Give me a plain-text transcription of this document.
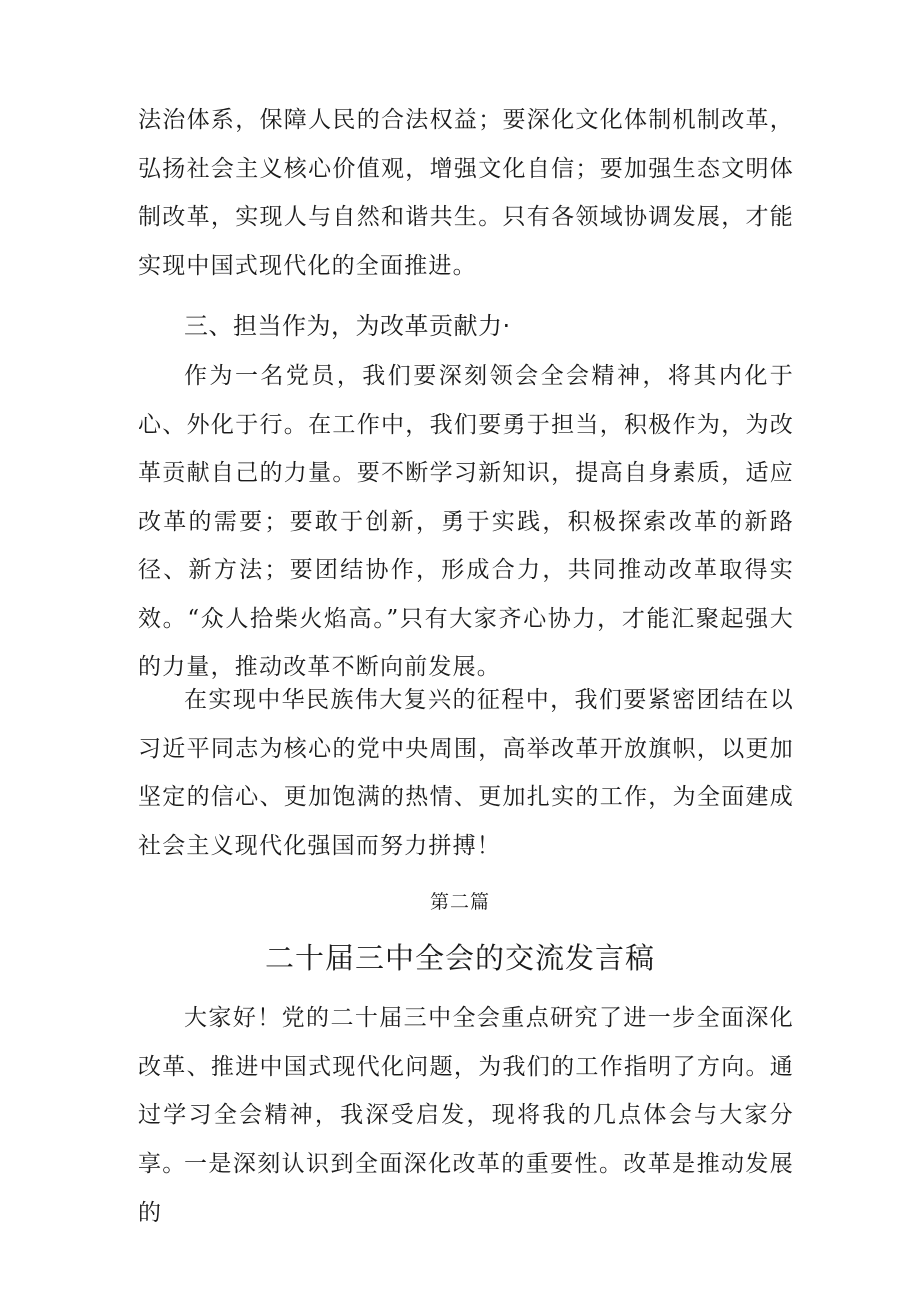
法治体系，保障人民的合法权益；要深化文化体制机制改革，弘扬社会主义核心价值观，增强文化自信；要加强生态文明体制改革，实现人与自然和谐共生。只有各领域协调发展，才能实现中国式现代化的全面推进。

三、担当作为，为改革贡献力·

作为一名党员，我们要深刻领会全会精神，将其内化于心、外化于行。在工作中，我们要勇于担当，积极作为，为改革贡献自己的力量。要不断学习新知识，提高自身素质，适应改革的需要；要敢于创新，勇于实践，积极探索改革的新路径、新方法；要团结协作，形成合力，共同推动改革取得实效。“众人拾柴火焰高。”只有大家齐心协力，才能汇聚起强大的力量，推动改革不断向前发展。

在实现中华民族伟大复兴的征程中，我们要紧密团结在以习近平同志为核心的党中央周围，高举改革开放旗帜，以更加坚定的信心、更加饱满的热情、更加扎实的工作，为全面建成社会主义现代化强国而努力拼搏！

第二篇
二十届三中全会的交流发言稿

大家好！党的二十届三中全会重点研究了进一步全面深化改革、推进中国式现代化问题，为我们的工作指明了方向。通过学习全会精神，我深受启发，现将我的几点体会与大家分享。

一是深刻认识到全面深化改革的重要性。改革是推动发展的
